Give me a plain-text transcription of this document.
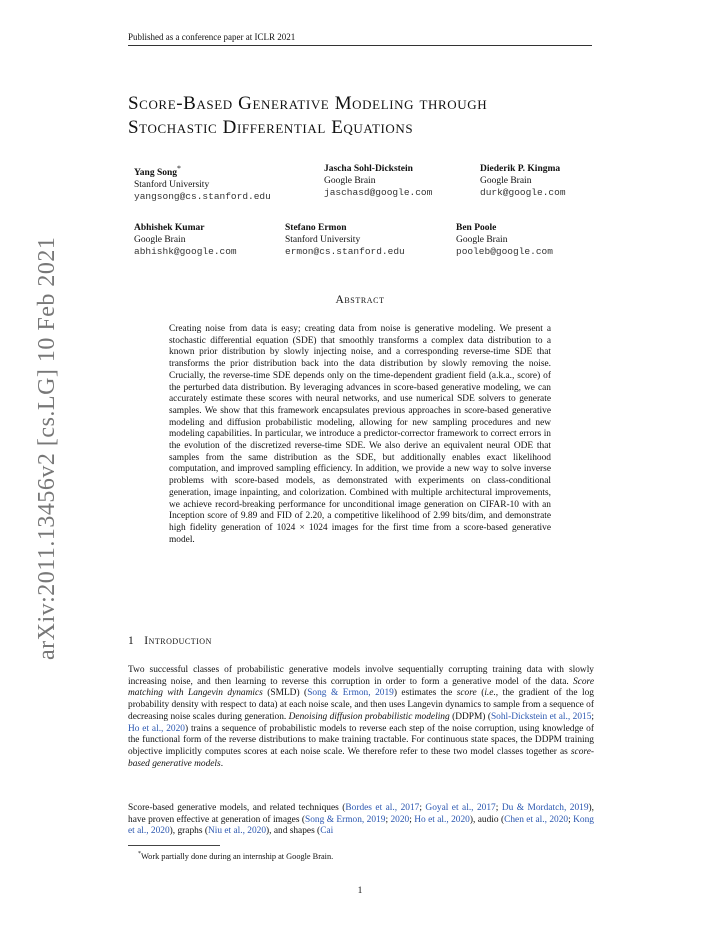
Published as a conference paper at ICLR 2021
arXiv:2011.13456v2 [cs.LG] 10 Feb 2021
Score-Based Generative Modeling through
Stochastic Differential Equations
Yang Song*
Stanford University
yangsong@cs.stanford.edu
Jascha Sohl-Dickstein
Google Brain
jaschasd@google.com
Diederik P. Kingma
Google Brain
durk@google.com
Abhishek Kumar
Google Brain
abhishk@google.com
Stefano Ermon
Stanford University
ermon@cs.stanford.edu
Ben Poole
Google Brain
pooleb@google.com
Abstract
Creating noise from data is easy; creating data from noise is generative modeling. We present a stochastic differential equation (SDE) that smoothly transforms a complex data distribution to a known prior distribution by slowly injecting noise, and a corresponding reverse-time SDE that transforms the prior distribution back into the data distribution by slowly removing the noise. Crucially, the reverse-time SDE depends only on the time-dependent gradient field (a.k.a., score) of the perturbed data distribution. By leveraging advances in score-based generative modeling, we can accurately estimate these scores with neural networks, and use numerical SDE solvers to generate samples. We show that this framework encapsulates previous approaches in score-based generative modeling and diffusion probabilistic modeling, allowing for new sampling procedures and new modeling capabilities. In particular, we introduce a predictor-corrector framework to correct errors in the evolution of the discretized reverse-time SDE. We also derive an equivalent neural ODE that samples from the same distribution as the SDE, but additionally enables exact likelihood computation, and improved sampling efficiency. In addition, we provide a new way to solve inverse problems with score-based models, as demonstrated with experiments on class-conditional generation, image inpainting, and colorization. Combined with multiple architectural improvements, we achieve record-breaking performance for unconditional image generation on CIFAR-10 with an Inception score of 9.89 and FID of 2.20, a competitive likelihood of 2.99 bits/dim, and demonstrate high fidelity generation of 1024 × 1024 images for the first time from a score-based generative model.
1 Introduction
Two successful classes of probabilistic generative models involve sequentially corrupting training data with slowly increasing noise, and then learning to reverse this corruption in order to form a generative model of the data. Score matching with Langevin dynamics (SMLD) (Song & Ermon, 2019) estimates the score (i.e., the gradient of the log probability density with respect to data) at each noise scale, and then uses Langevin dynamics to sample from a sequence of decreasing noise scales during generation. Denoising diffusion probabilistic modeling (DDPM) (Sohl-Dickstein et al., 2015; Ho et al., 2020) trains a sequence of probabilistic models to reverse each step of the noise corruption, using knowledge of the functional form of the reverse distributions to make training tractable. For continuous state spaces, the DDPM training objective implicitly computes scores at each noise scale. We therefore refer to these two model classes together as score-based generative models.
Score-based generative models, and related techniques (Bordes et al., 2017; Goyal et al., 2017; Du & Mordatch, 2019), have proven effective at generation of images (Song & Ermon, 2019; 2020; Ho et al., 2020), audio (Chen et al., 2020; Kong et al., 2020), graphs (Niu et al., 2020), and shapes (Cai
*Work partially done during an internship at Google Brain.
1
